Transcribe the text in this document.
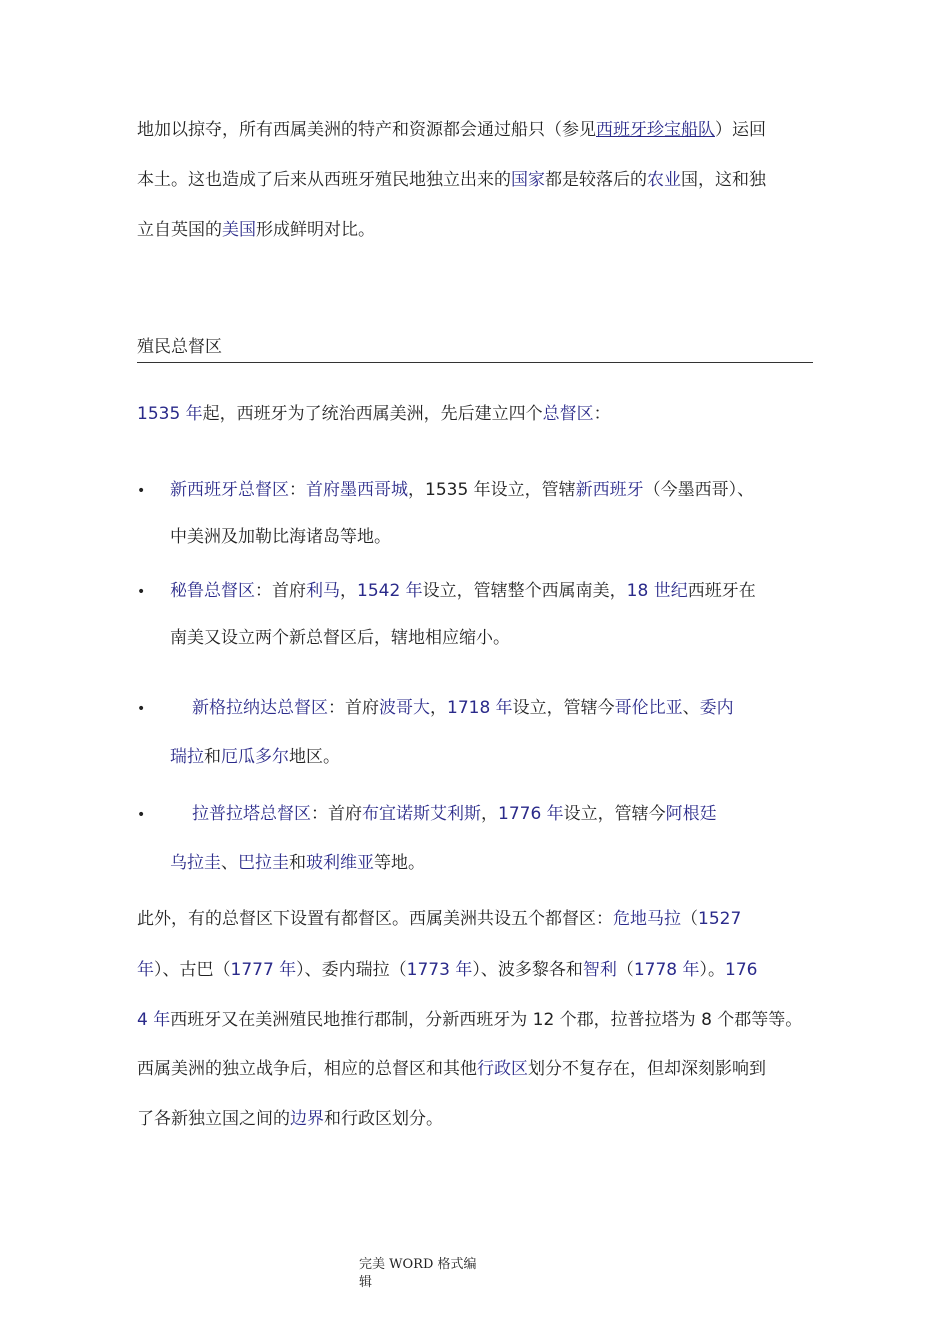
地加以掠夺，所有西属美洲的特产和资源都会通过船只（参见西班牙珍宝船队）运回
本土。这也造成了后来从西班牙殖民地独立出来的国家都是较落后的农业国，这和独
立自英国的美国形成鲜明对比。
殖民总督区
1535 年起，西班牙为了统治西属美洲，先后建立四个总督区：
• 新西班牙总督区：首府墨西哥城，1535 年设立，管辖新西班牙（今墨西哥）、
中美洲及加勒比海诸岛等地。
• 秘鲁总督区：首府利马，1542 年设立，管辖整个西属南美，18 世纪西班牙在
南美又设立两个新总督区后，辖地相应缩小。
•	新格拉纳达总督区：首府波哥大，1718 年设立，管辖今哥伦比亚、委内
瑞拉和厄瓜多尔地区。
•	拉普拉塔总督区：首府布宜诺斯艾利斯，1776 年设立，管辖今阿根廷
乌拉圭、巴拉圭和玻利维亚等地。
此外，有的总督区下设置有都督区。西属美洲共设五个都督区：危地马拉（1527
年）、古巴（1777 年）、委内瑞拉（1773 年）、波多黎各和智利（1778 年）。176
4 年西班牙又在美洲殖民地推行郡制，分新西班牙为 12 个郡，拉普拉塔为 8 个郡等等。
西属美洲的独立战争后，相应的总督区和其他行政区划分不复存在，但却深刻影响到
了各新独立国之间的边界和行政区划分。
完美 WORD 格式编
辑
